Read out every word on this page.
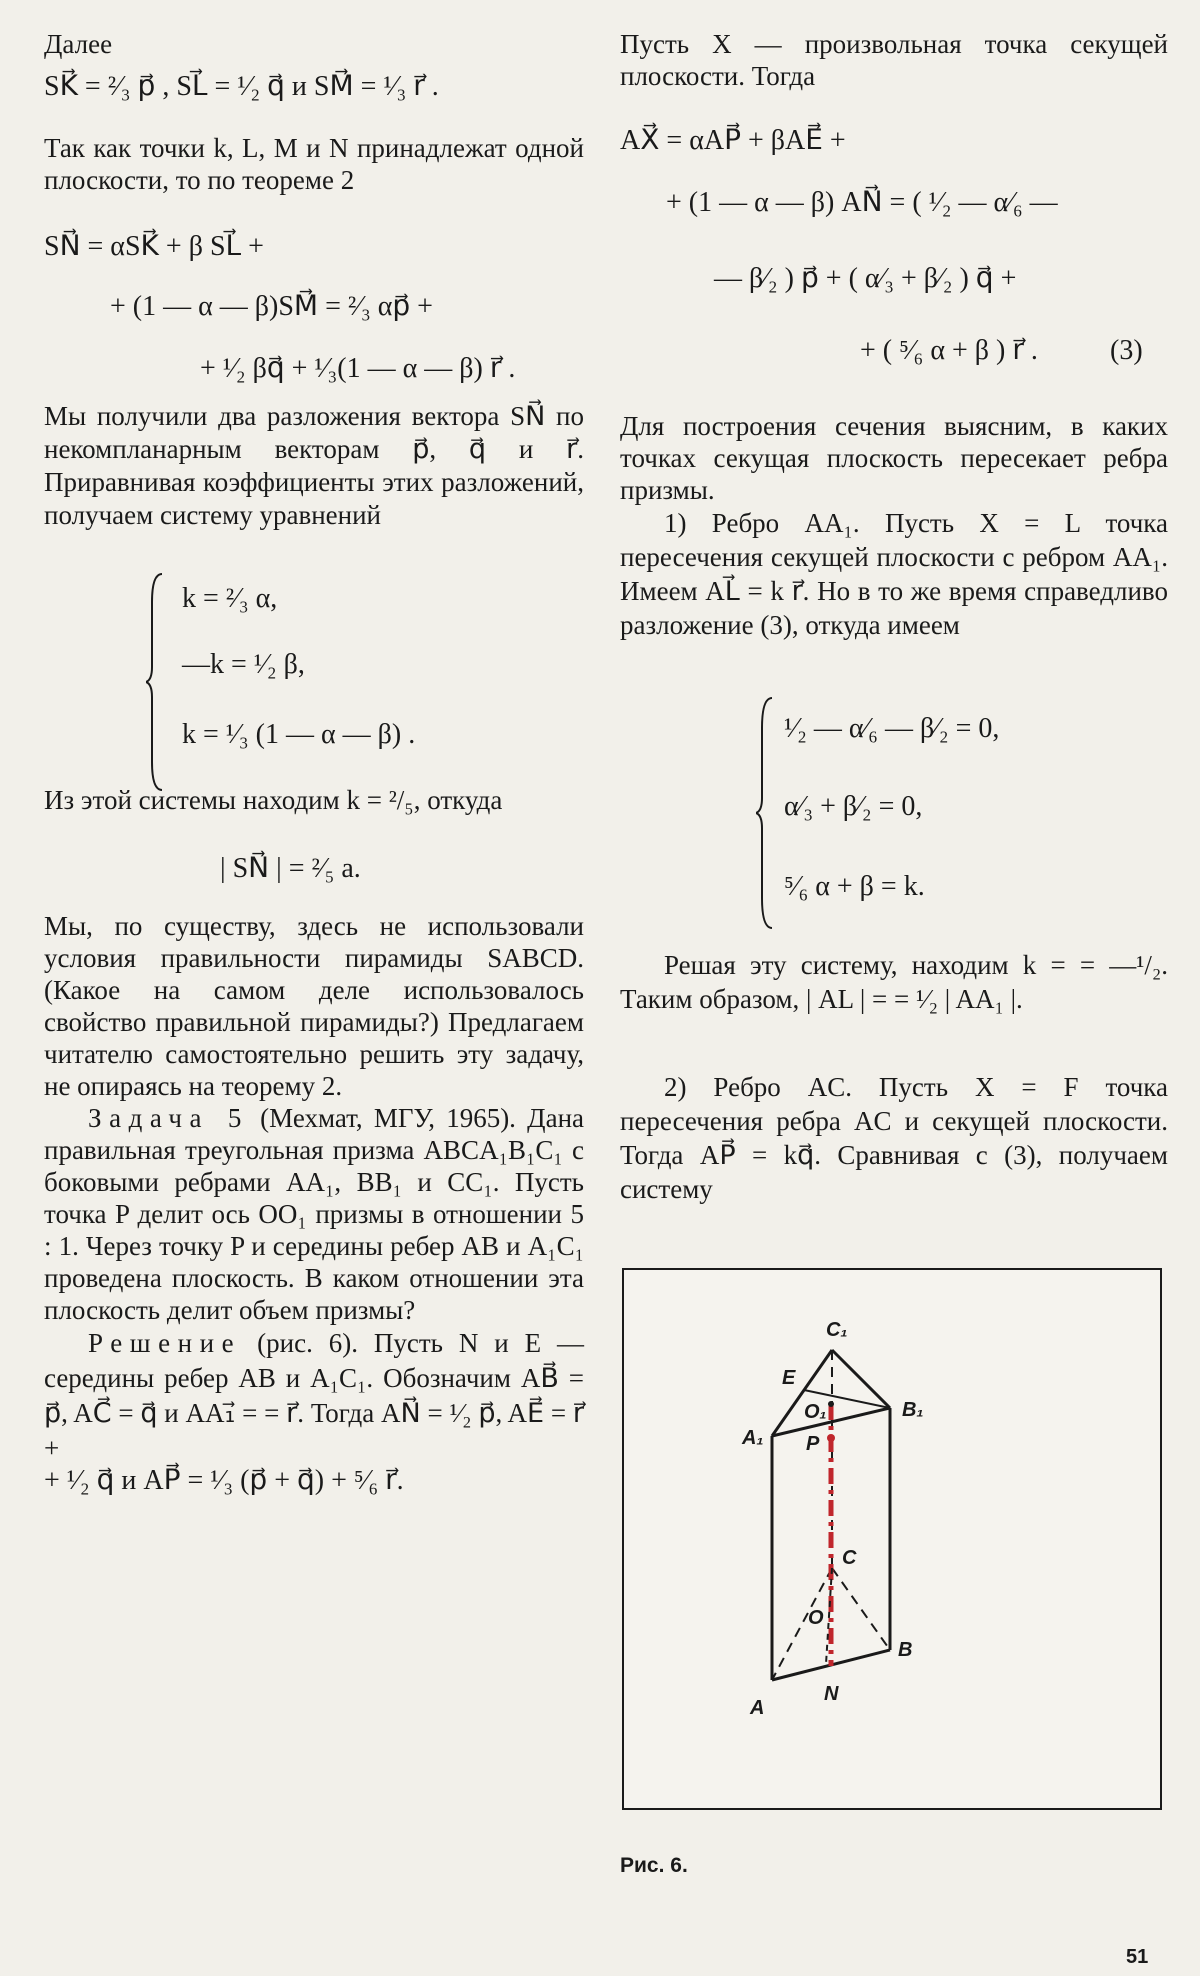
Далее
SK⃗ = ²⁄₃ p⃗ , SL⃗ = ¹⁄₂ q⃗ и SM⃗ = ¹⁄₃ r⃗ .
Так как точки k, L, M и N принадлежат одной плоскости, то по теореме 2
SN⃗ = αSK⃗ + β SL⃗ +
+ (1 — α — β)SM⃗ = ²⁄₃ αp⃗ +
+ ¹⁄₂ βq⃗ + ¹⁄₃(1 — α — β) r⃗ .
Мы получили два разложения вектора SN⃗ по некомпланарным векторам p⃗, q⃗ и r⃗. Приравнивая коэффициенты этих разложений, получаем систему уравнений
k = ²⁄₃ α,
—k = ¹⁄₂ β,
k = ¹⁄₃ (1 — α — β) .
Из этой системы находим k = ²/₅, откуда
| SN⃗ | = ²⁄₅ a.
Мы, по существу, здесь не использовали условия правильности пирамиды SABCD. (Какое на самом деле использовалось свойство правильной пирамиды?) Предлагаем читателю самостоятельно решить эту задачу, не опираясь на теорему 2.
Задача 5 (Мехмат, МГУ, 1965). Дана правильная треугольная призма ABCA₁B₁C₁ с боковыми ребрами AA₁, BB₁ и CC₁. Пусть точка P делит ось OO₁ призмы в отношении 5 : 1. Через точку P и середины ребер AB и A₁C₁ проведена плоскость. В каком отношении эта плоскость делит объем призмы?
Решение (рис. 6). Пусть N и E — середины ребер AB и A₁C₁. Обозначим AB⃗ = p⃗, AC⃗ = q⃗ и AA₁⃗ = = r⃗. Тогда AN⃗ = ¹⁄₂ p⃗, AE⃗ = r⃗ +
+ ¹⁄₂ q⃗ и AP⃗ = ¹⁄₃ (p⃗ + q⃗) + ⁵⁄₆ r⃗.
Пусть X — произвольная точка секущей плоскости. Тогда
AX⃗ = αAP⃗ + βAE⃗ +
+ (1 — α — β) AN⃗ = ( ¹⁄₂ — α⁄₆ —
— β⁄₂ ) p⃗ + ( α⁄₃ + β⁄₂ ) q⃗ +
+ ( ⁵⁄₆ α + β ) r⃗ .	(3)
Для построения сечения выясним, в каких точках секущая плоскость пересекает ребра призмы.
1) Ребро AA₁. Пусть X = L точка пересечения секущей плоскости с ребром AA₁. Имеем AL⃗ = k r⃗. Но в то же время справедливо разложение (3), откуда имеем
¹⁄₂ — α⁄₆ — β⁄₂ = 0,
α⁄₃ + β⁄₂ = 0,
⁵⁄₆ α + β = k.
Решая эту систему, находим k = = —¹/₂. Таким образом, | AL | = = ¹⁄₂ | AA₁ |.
2) Ребро AC. Пусть X = F точка пересечения ребра AC и секущей плоскости. Тогда AP⃗ = kq⃗. Сравнивая с (3), получаем систему
C₁
E
O₁	B₁
A₁ P
C
O
B
A
N
Рис. 6.
51
